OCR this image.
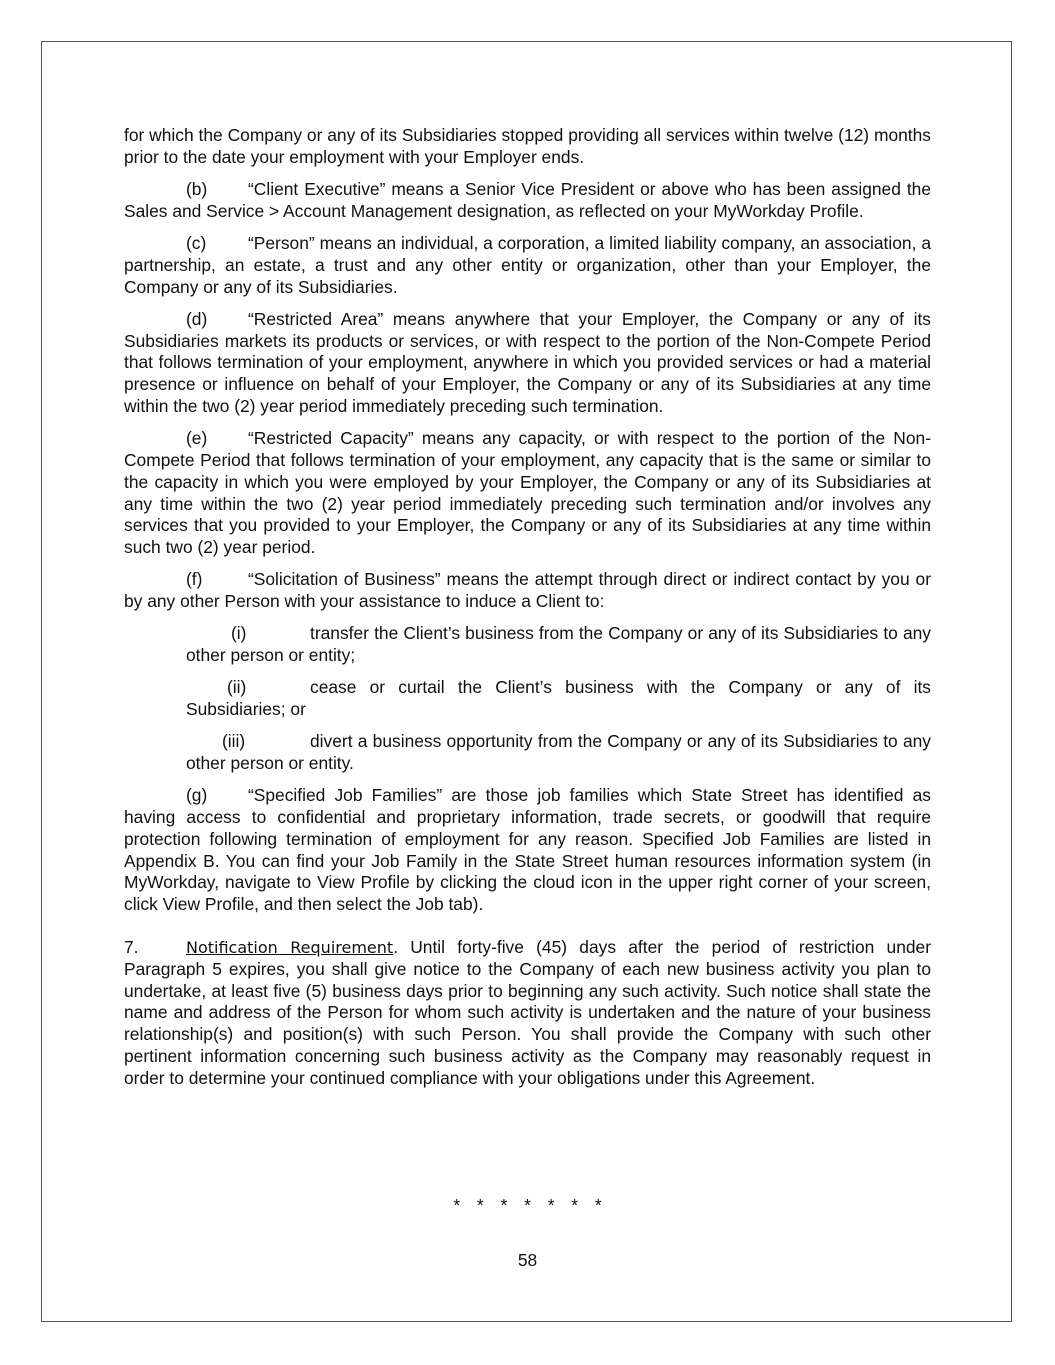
for which the Company or any of its Subsidiaries stopped providing all services within twelve (12) months prior to the date your employment with your Employer ends.

(b) “Client Executive” means a Senior Vice President or above who has been assigned the Sales and Service > Account Management designation, as reflected on your MyWorkday Profile.

(c) “Person” means an individual, a corporation, a limited liability company, an association, a partnership, an estate, a trust and any other entity or organization, other than your Employer, the Company or any of its Subsidiaries.

(d) “Restricted Area” means anywhere that your Employer, the Company or any of its Subsidiaries markets its products or services, or with respect to the portion of the Non-Compete Period that follows termination of your employment, anywhere in which you provided services or had a material presence or influence on behalf of your Employer, the Company or any of its Subsidiaries at any time within the two (2) year period immediately preceding such termination.

(e) “Restricted Capacity” means any capacity, or with respect to the portion of the Non-Compete Period that follows termination of your employment, any capacity that is the same or similar to the capacity in which you were employed by your Employer, the Company or any of its Subsidiaries at any time within the two (2) year period immediately preceding such termination and/or involves any services that you provided to your Employer, the Company or any of its Subsidiaries at any time within such two (2) year period.

(f)	“Solicitation of Business” means the attempt through direct or indirect contact by you or by any other Person with your assistance to induce a Client to:

(i)	transfer the Client’s business from the Company or any of its Subsidiaries to any other person or entity;

(ii)	cease or curtail the Client’s business with the Company or any of its Subsidiaries; or

(iii)	divert a business opportunity from the Company or any of its Subsidiaries to any other person or entity.

(g) “Specified Job Families” are those job families which State Street has identified as having access to confidential and proprietary information, trade secrets, or goodwill that require protection following termination of employment for any reason. Specified Job Families are listed in Appendix B. You can find your Job Family in the State Street human resources information system (in MyWorkday, navigate to View Profile by clicking the cloud icon in the upper right corner of your screen, click View Profile, and then select the Job tab).

7.	Notification Requirement. Until forty-five (45) days after the period of restriction under Paragraph 5 expires, you shall give notice to the Company of each new business activity you plan to undertake, at least five (5) business days prior to beginning any such activity. Such notice shall state the name and address of the Person for whom such activity is undertaken and the nature of your business relationship(s) and position(s) with such Person. You shall provide the Company with such other pertinent information concerning such business activity as the Company may reasonably request in order to determine your continued compliance with your obligations under this Agreement.

* * * * * * *
58
